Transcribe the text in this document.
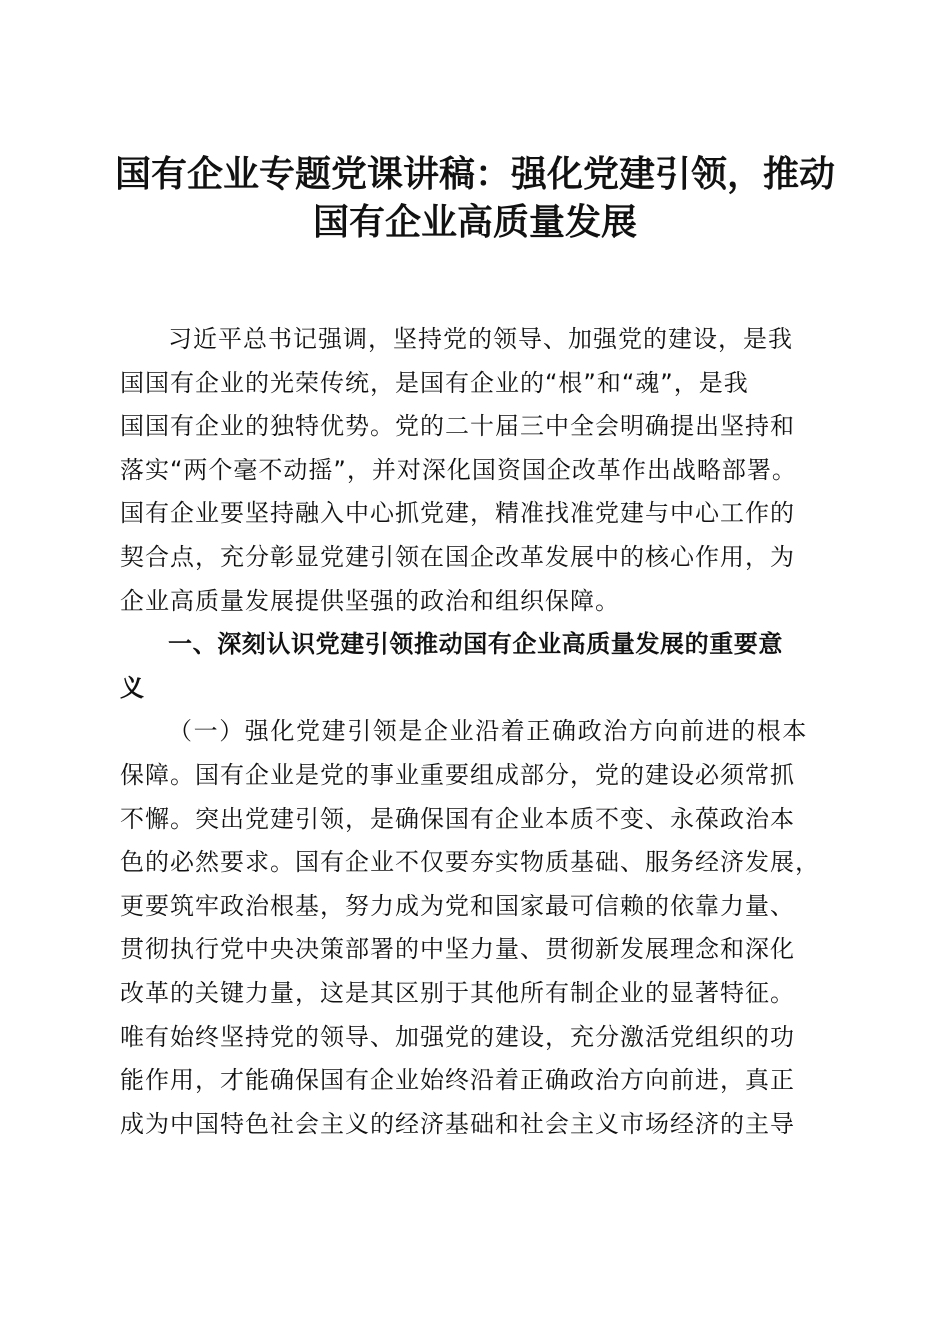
国有企业专题党课讲稿：强化党建引领，推动
国有企业高质量发展
习近平总书记强调，坚持党的领导、加强党的建设，是我
国国有企业的光荣传统，是国有企业的“根”和“魂”，是我
国国有企业的独特优势。党的二十届三中全会明确提出坚持和
落实“两个毫不动摇”，并对深化国资国企改革作出战略部署。
国有企业要坚持融入中心抓党建，精准找准党建与中心工作的
契合点，充分彰显党建引领在国企改革发展中的核心作用，为
企业高质量发展提供坚强的政治和组织保障。
一、深刻认识党建引领推动国有企业高质量发展的重要意
义
（一）强化党建引领是企业沿着正确政治方向前进的根本
保障。国有企业是党的事业重要组成部分，党的建设必须常抓
不懈。突出党建引领，是确保国有企业本质不变、永葆政治本
色的必然要求。国有企业不仅要夯实物质基础、服务经济发展，
更要筑牢政治根基，努力成为党和国家最可信赖的依靠力量、
贯彻执行党中央决策部署的中坚力量、贯彻新发展理念和深化
改革的关键力量，这是其区别于其他所有制企业的显著特征。
唯有始终坚持党的领导、加强党的建设，充分激活党组织的功
能作用，才能确保国有企业始终沿着正确政治方向前进，真正
成为中国特色社会主义的经济基础和社会主义市场经济的主导
